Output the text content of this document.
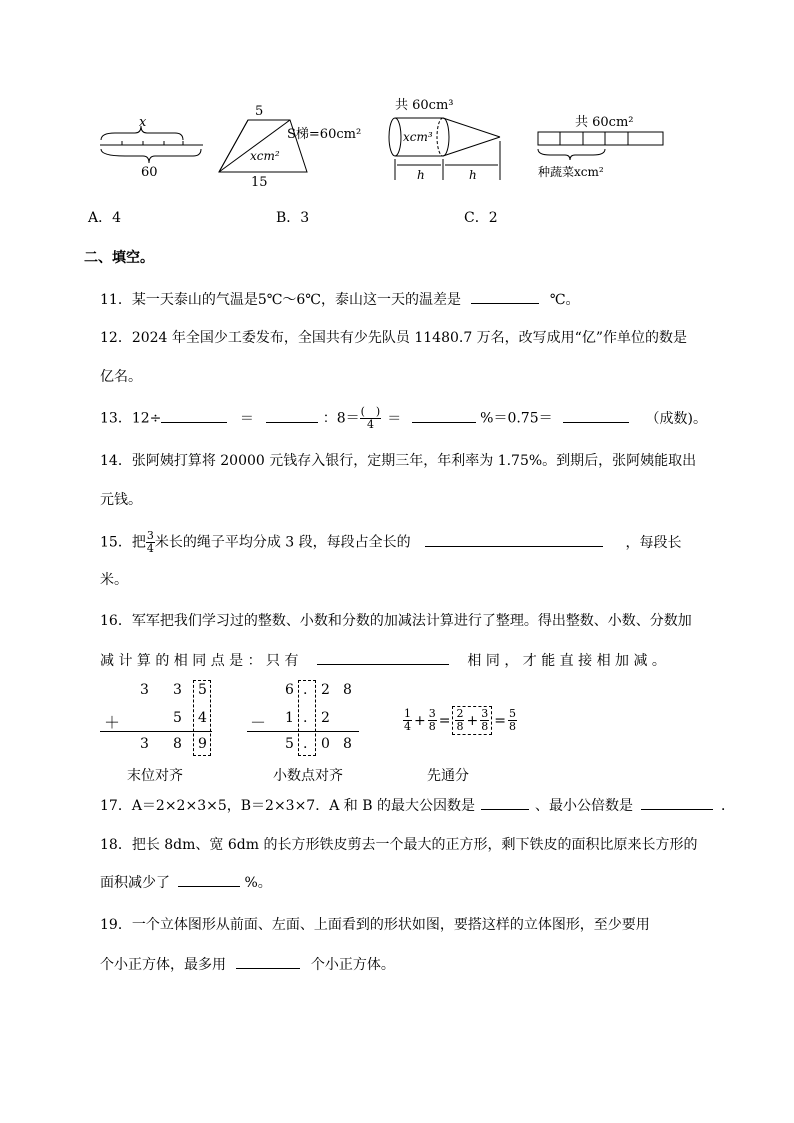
x
60
5
xcm²
S梯=60cm²
15
共 60cm³
xcm³
h	h
共 60cm²
种蔬菜xcm²
A．4	B．3	C．2
二、填空。
11．某一天泰山的气温是5℃～6℃，泰山这一天的温差是	℃。
12．2024 年全国少工委发布，全国共有少先队员 11480.7 万名，改写成用“亿”作单位的数是
亿名。
13．12÷	＝	：$8= \frac{( )}{4}$ ＝	%＝0.75＝	（成数)。
14．张阿姨打算将 20000 元钱存入银行，定期三年，年利率为 1.75%。到期后，张阿姨能取出
元钱。
15．把 $\frac{3}{4}$ 米长的绳子平均分成 3 段，每段占全长的	，每段长
米。
16．军军把我们学习过的整数、小数和分数的加减法计算进行了整理。得出整数、小数、分数加
减 计 算 的 相 同 点 是 ： 只 有	相 同 ， 才 能 直 接 相 加 减 。
3 3 5
＋	5 4
3 8 9
末位对齐
6 . 2 8
－ 1 . 2
5 . 0 8
小数点对齐
$\frac{1}{4} + \frac{3}{8} = \frac{2}{8} + \frac{3}{8} = \frac{5}{8}$
先通分
17．A＝2×2×3×5，B＝2×3×7．A 和 B 的最大公因数是	、最小公倍数是	．
18．把长 8dm、宽 6dm 的长方形铁皮剪去一个最大的正方形，剩下铁皮的面积比原来长方形的
面积减少了	%。
19．一个立体图形从前面、左面、上面看到的形状如图，要搭这样的立体图形，至少要用
个小正方体，最多用	个小正方体。
